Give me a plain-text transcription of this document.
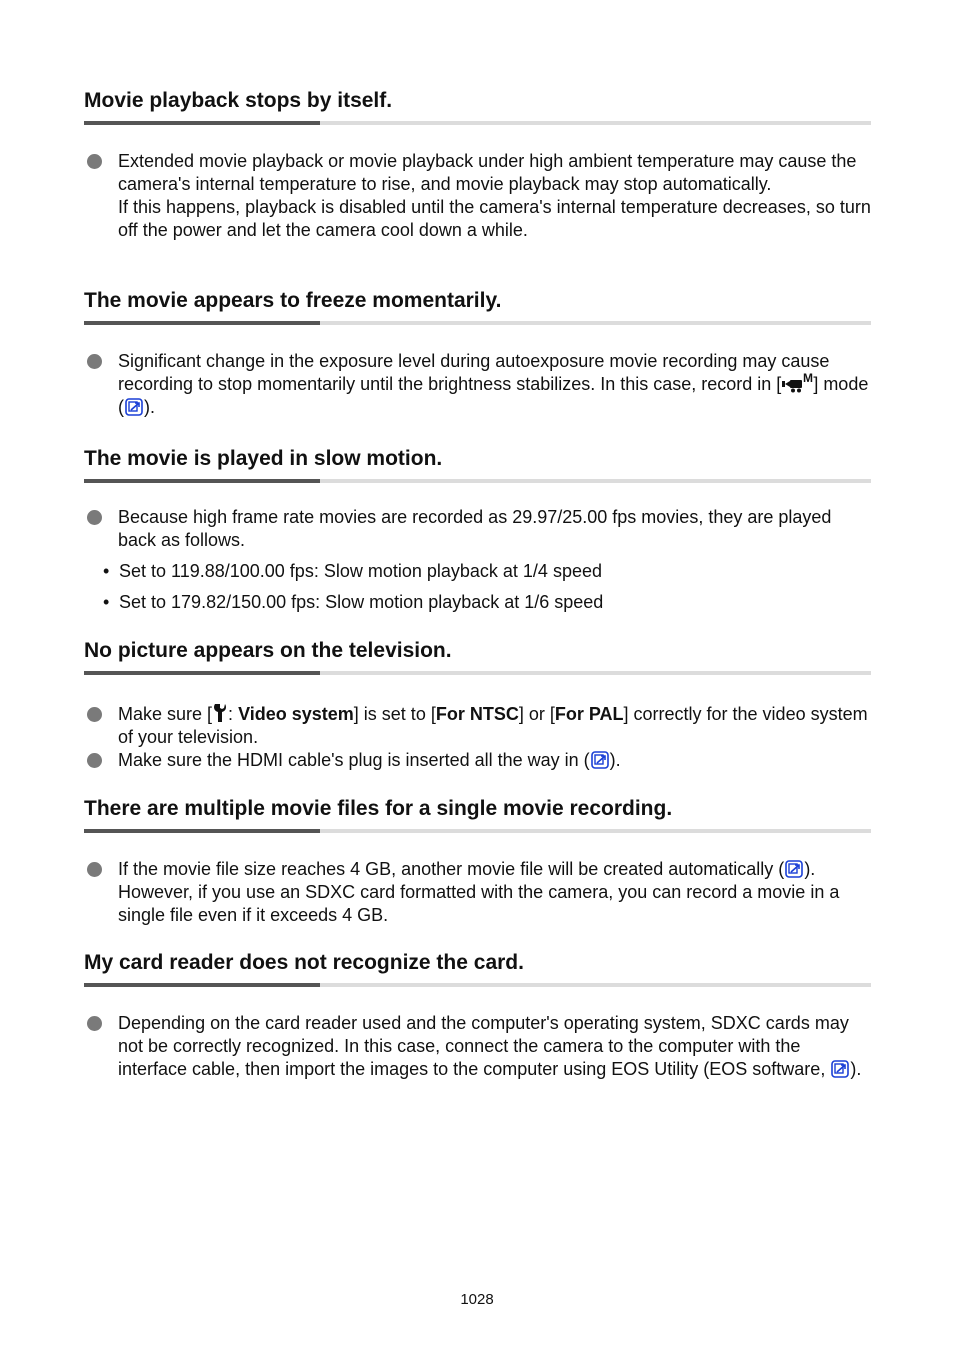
Movie playback stops by itself.
Extended movie playback or movie playback under high ambient temperature may cause the camera's internal temperature to rise, and movie playback may stop automatically.
If this happens, playback is disabled until the camera's internal temperature decreases, so turn off the power and let the camera cool down a while.
The movie appears to freeze momentarily.
Significant change in the exposure level during autoexposure movie recording may cause recording to stop momentarily until the brightness stabilizes. In this case, record in [ M ] mode ( ).
The movie is played in slow motion.
Because high frame rate movies are recorded as 29.97/25.00 fps movies, they are played back as follows.
• Set to 119.88/100.00 fps: Slow motion playback at 1/4 speed
• Set to 179.82/150.00 fps: Slow motion playback at 1/6 speed
No picture appears on the television.
Make sure [ : Video system] is set to [For NTSC] or [For PAL] correctly for the video system of your television.
Make sure the HDMI cable's plug is inserted all the way in ( ).
There are multiple movie files for a single movie recording.
If the movie file size reaches 4 GB, another movie file will be created automatically ( ). However, if you use an SDXC card formatted with the camera, you can record a movie in a single file even if it exceeds 4 GB.
My card reader does not recognize the card.
Depending on the card reader used and the computer's operating system, SDXC cards may not be correctly recognized. In this case, connect the camera to the computer with the interface cable, then import the images to the computer using EOS Utility (EOS software, ).
1028
